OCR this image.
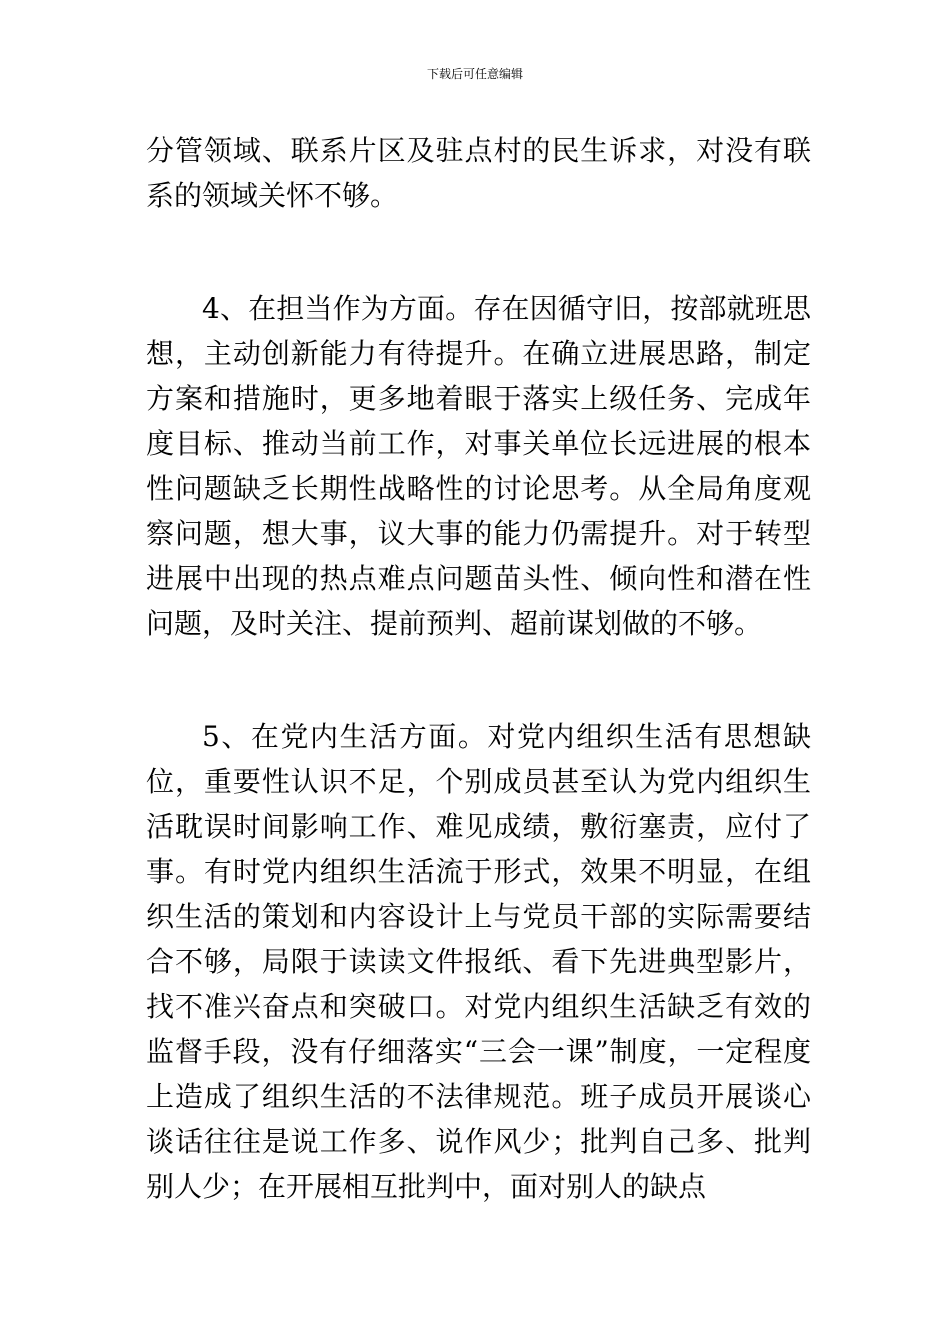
下载后可任意编辑

分管领域、联系片区及驻点村的民生诉求，对没有联系的领域关怀不够。

4、在担当作为方面。存在因循守旧，按部就班思想，主动创新能力有待提升。在确立进展思路，制定方案和措施时，更多地着眼于落实上级任务、完成年度目标、推动当前工作，对事关单位长远进展的根本性问题缺乏长期性战略性的讨论思考。从全局角度观察问题，想大事，议大事的能力仍需提升。对于转型进展中出现的热点难点问题苗头性、倾向性和潜在性问题，及时关注、提前预判、超前谋划做的不够。

5、在党内生活方面。对党内组织生活有思想缺位，重要性认识不足，个别成员甚至认为党内组织生活耽误时间影响工作、难见成绩，敷衍塞责，应付了事。有时党内组织生活流于形式，效果不明显，在组织生活的策划和内容设计上与党员干部的实际需要结合不够，局限于读读文件报纸、看下先进典型影片，找不准兴奋点和突破口。对党内组织生活缺乏有效的监督手段，没有仔细落实“三会一课”制度，一定程度上造成了组织生活的不法律规范。班子成员开展谈心谈话往往是说工作多、说作风少；批判自己多、批判别人少；在开展相互批判中，面对别人的缺点
